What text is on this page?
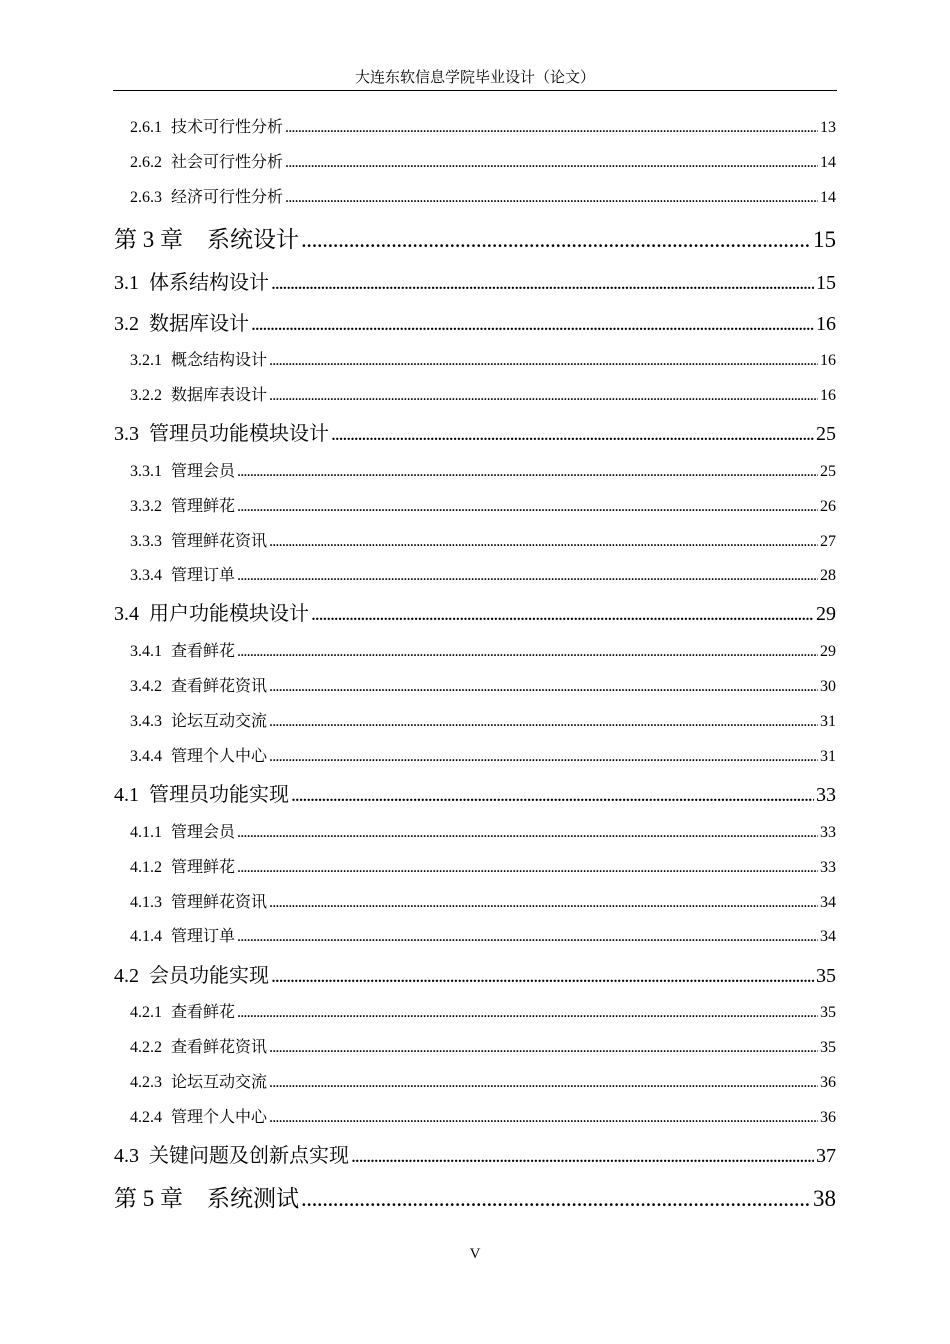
大连东软信息学院毕业设计（论文）
2.6.1 技术可行性分析 . . .	13
2.6.2 社会可行性分析 . . .	14
2.6.3 经济可行性分析 . . .	14
第 3 章 系统设计 . . .	15
3.1 体系结构设计 . . .	15
3.2 数据库设计 . . .	16
3.2.1 概念结构设计 . . .	16
3.2.2 数据库表设计 . . .	16
3.3 管理员功能模块设计 . . .	25
3.3.1 管理会员 . . .	25
3.3.2 管理鲜花 . . .	26
3.3.3 管理鲜花资讯 . . .	27
3.3.4 管理订单 . . .	28
3.4 用户功能模块设计 . . .	29
3.4.1 查看鲜花 . . .	29
3.4.2 查看鲜花资讯 . . .	30
3.4.3 论坛互动交流 . . .	31
3.4.4 管理个人中心 . . .	31
4.1 管理员功能实现 . . .	33
4.1.1 管理会员 . . .	33
4.1.2 管理鲜花 . . .	33
4.1.3 管理鲜花资讯 . . .	34
4.1.4 管理订单 . . .	34
4.2 会员功能实现 . . .	35
4.2.1 查看鲜花 . . .	35
4.2.2 查看鲜花资讯 . . .	35
4.2.3 论坛互动交流 . . .	36
4.2.4 管理个人中心 . . .	36
4.3 关键问题及创新点实现 . . .	37
第 5 章 系统测试 . . .	38
V
